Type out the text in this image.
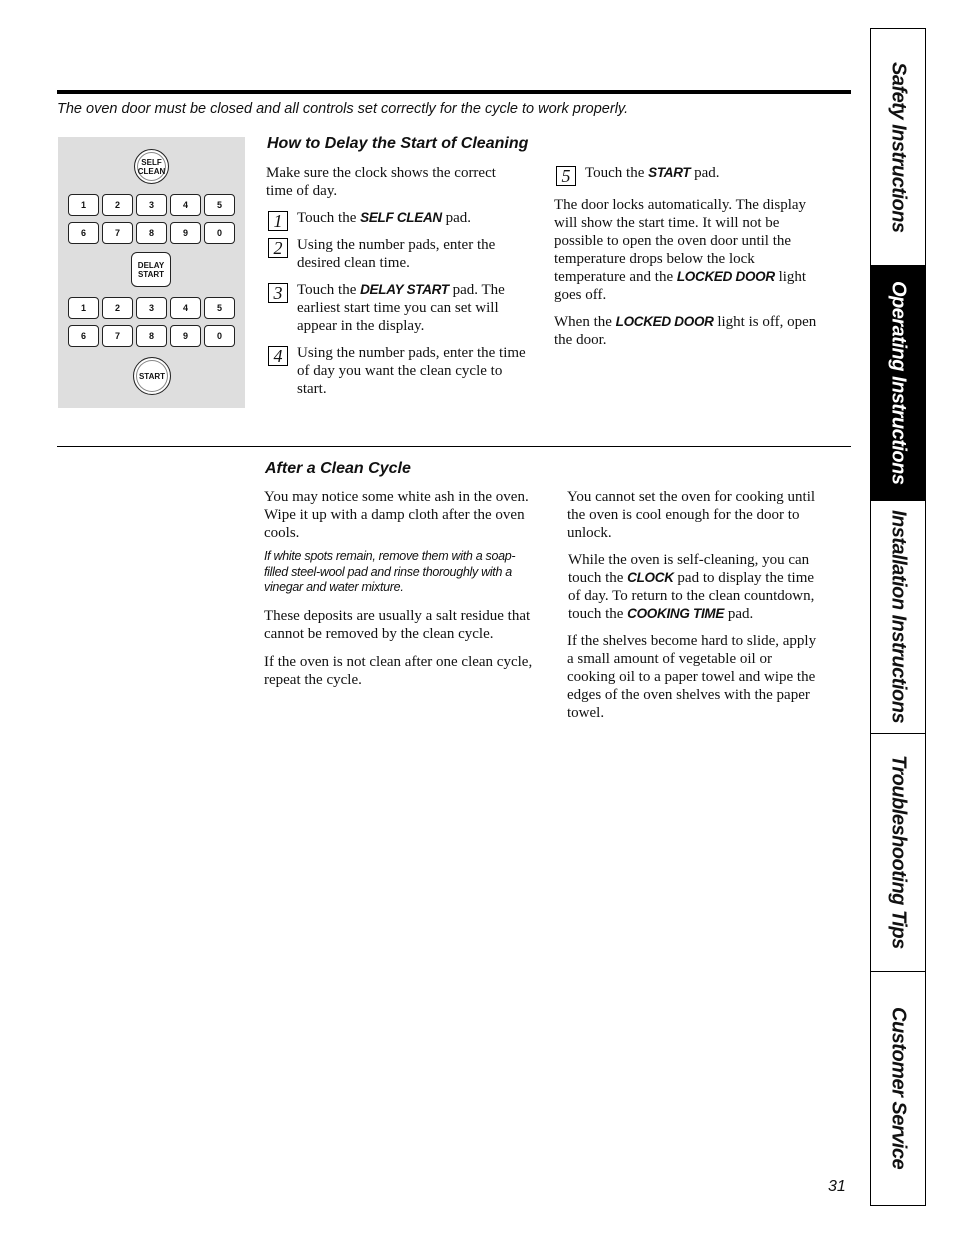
The oven door must be closed and all controls set correctly for the cycle to work properly.
SELF CLEAN
1	2	3	4	5
6	7	8	9	0
DELAY START
1	2	3	4	5
6	7	8	9	0
START
How to Delay the Start of Cleaning
Make sure the clock shows the correct time of day.
1 Touch the SELF CLEAN pad.
2 Using the number pads, enter the desired clean time.
3 Touch the DELAY START pad. The earliest start time you can set will appear in the display.
4 Using the number pads, enter the time of day you want the clean cycle to start.
5 Touch the START pad.
The door locks automatically. The display will show the start time. It will not be possible to open the oven door until the temperature drops below the lock temperature and the LOCKED DOOR light goes off.
When the LOCKED DOOR light is off, open the door.
After a Clean Cycle

You may notice some white ash in the oven. Wipe it up with a damp cloth after the oven cools.

If white spots remain, remove them with a soap-filled steel-wool pad and rinse thoroughly with a vinegar and water mixture.

These deposits are usually a salt residue that cannot be removed by the clean cycle.

If the oven is not clean after one clean cycle, repeat the cycle.

You cannot set the oven for cooking until the oven is cool enough for the door to unlock.

While the oven is self-cleaning, you can touch the CLOCK pad to display the time of day. To return to the clean countdown, touch the COOKING TIME pad.

If the shelves become hard to slide, apply a small amount of vegetable oil or cooking oil to a paper towel and wipe the edges of the oven shelves with the paper towel.

Safety Instructions
Operating Instructions
Installation Instructions
Troubleshooting Tips
Customer Service
31
